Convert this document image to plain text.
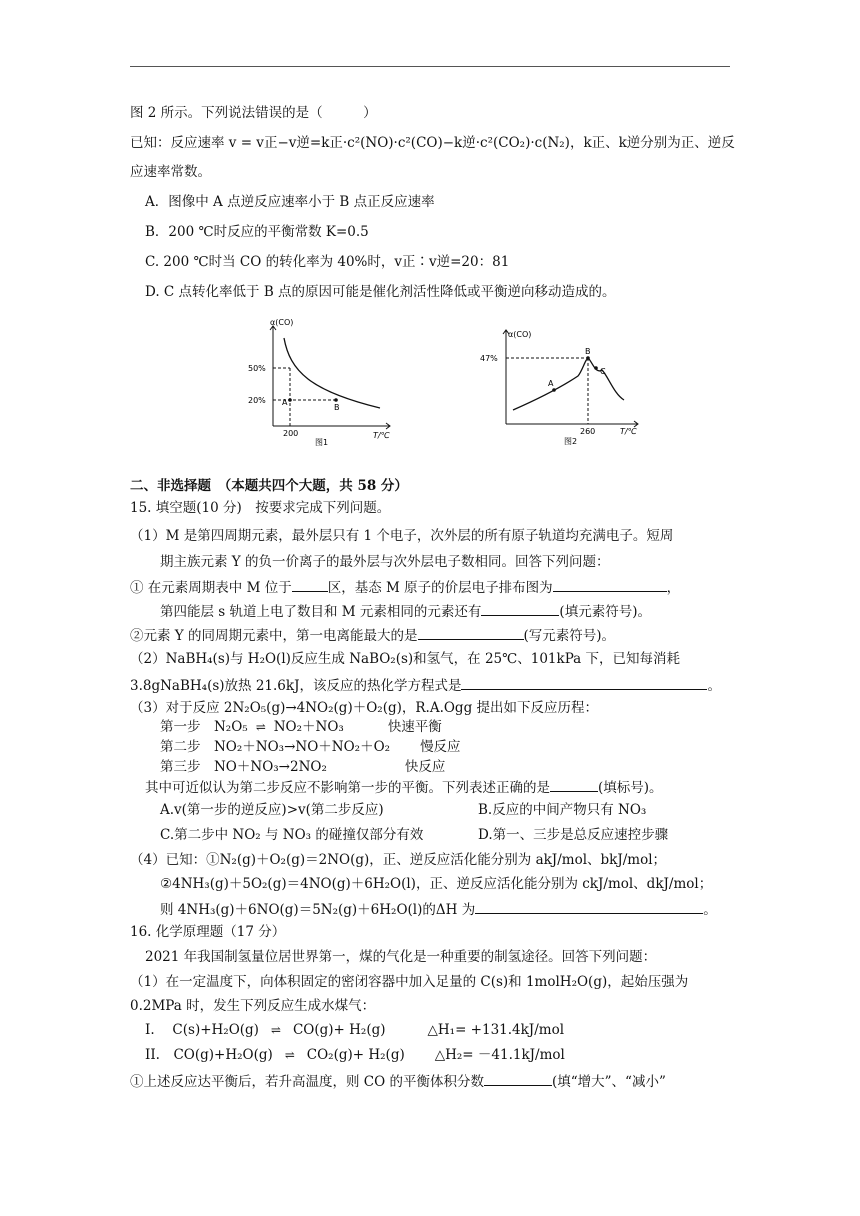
图 2 所示。下列说法错误的是（　　　）
已知：反应速率 v = v正−v逆=k正·c²(NO)·c²(CO)−k逆·c²(CO₂)·c(N₂)，k正、k逆分别为正、逆反
应速率常数。
A．图像中 A 点逆反应速率小于 B 点正反应速率
B．200 ℃时反应的平衡常数 K=0.5
C. 200 ℃时当 CO 的转化率为 40%时，v正∶v逆=20：81
D. C 点转化率低于 B 点的原因可能是催化剂活性降低或平衡逆向移动造成的。
α(CO)
50%
20% A
B
200	T/℃
图1
α(CO)
47%
A
B
C
260	T/℃
图2
二、非选择题　（本题共四个大题，共 58 分）
15. 填空题(10 分)　按要求完成下列问题。
（1）M 是第四周期元素，最外层只有 1 个电子，次外层的所有原子轨道均充满电子。短周
期主族元素 Y 的负一价离子的最外层与次外层电子数相同。回答下列问题：
① 在元素周期表中 M 位于	区，基态 M 原子的价层电子排布图为	，
第四能层 s 轨道上电了数目和 M 元素相同的元素还有	(填元素符号)。
②元素 Y 的同周期元素中，第一电离能最大的是	(写元素符号)。
（2）NaBH₄(s)与 H₂O(l)反应生成 NaBO₂(s)和氢气，在 25℃、101kPa 下，已知每消耗
3.8gNaBH₄(s)放热 21.6kJ，该反应的热化学方程式是	。
（3）对于反应 2N₂O₅(g)→4NO₂(g)＋O₂(g)，R.A.Ogg 提出如下反应历程：
第一步　N₂O₅ ⇌ NO₂＋NO₃	快速平衡
第二步　NO₂＋NO₃→NO＋NO₂＋O₂ 慢反应
第三步　NO＋NO₃→2NO₂	快反应
其中可近似认为第二步反应不影响第一步的平衡。下列表述正确的是	(填标号)。
A.v(第一步的逆反应)>v(第二步反应)	B.反应的中间产物只有 NO₃
C.第二步中 NO₂ 与 NO₃ 的碰撞仅部分有效	D.第一、三步是总反应速控步骤
（4）已知：①N₂(g)＋O₂(g)＝2NO(g)，正、逆反应活化能分别为 akJ/mol、bkJ/mol；
②4NH₃(g)＋5O₂(g)＝4NO(g)＋6H₂O(l)，正、逆反应活化能分别为 ckJ/mol、dkJ/mol；
则 4NH₃(g)＋6NO(g)＝5N₂(g)＋6H₂O(l)的ΔH 为	。
16. 化学原理题（17 分）
2021 年我国制氢量位居世界第一，煤的气化是一种重要的制氢途径。回答下列问题：
（1）在一定温度下，向体积固定的密闭容器中加入足量的 C(s)和 1molH₂O(g)，起始压强为
0.2MPa 时，发生下列反应生成水煤气：
I.　 C(s)+H₂O(g) ⇌ CO(g)+ H₂(g)	△H₁= +131.4kJ/mol
II.　CO(g)+H₂O(g) ⇌ CO₂(g)+ H₂(g) △H₂= －41.1kJ/mol
①上述反应达平衡后，若升高温度，则 CO 的平衡体积分数	(填“增大”、“减小”
